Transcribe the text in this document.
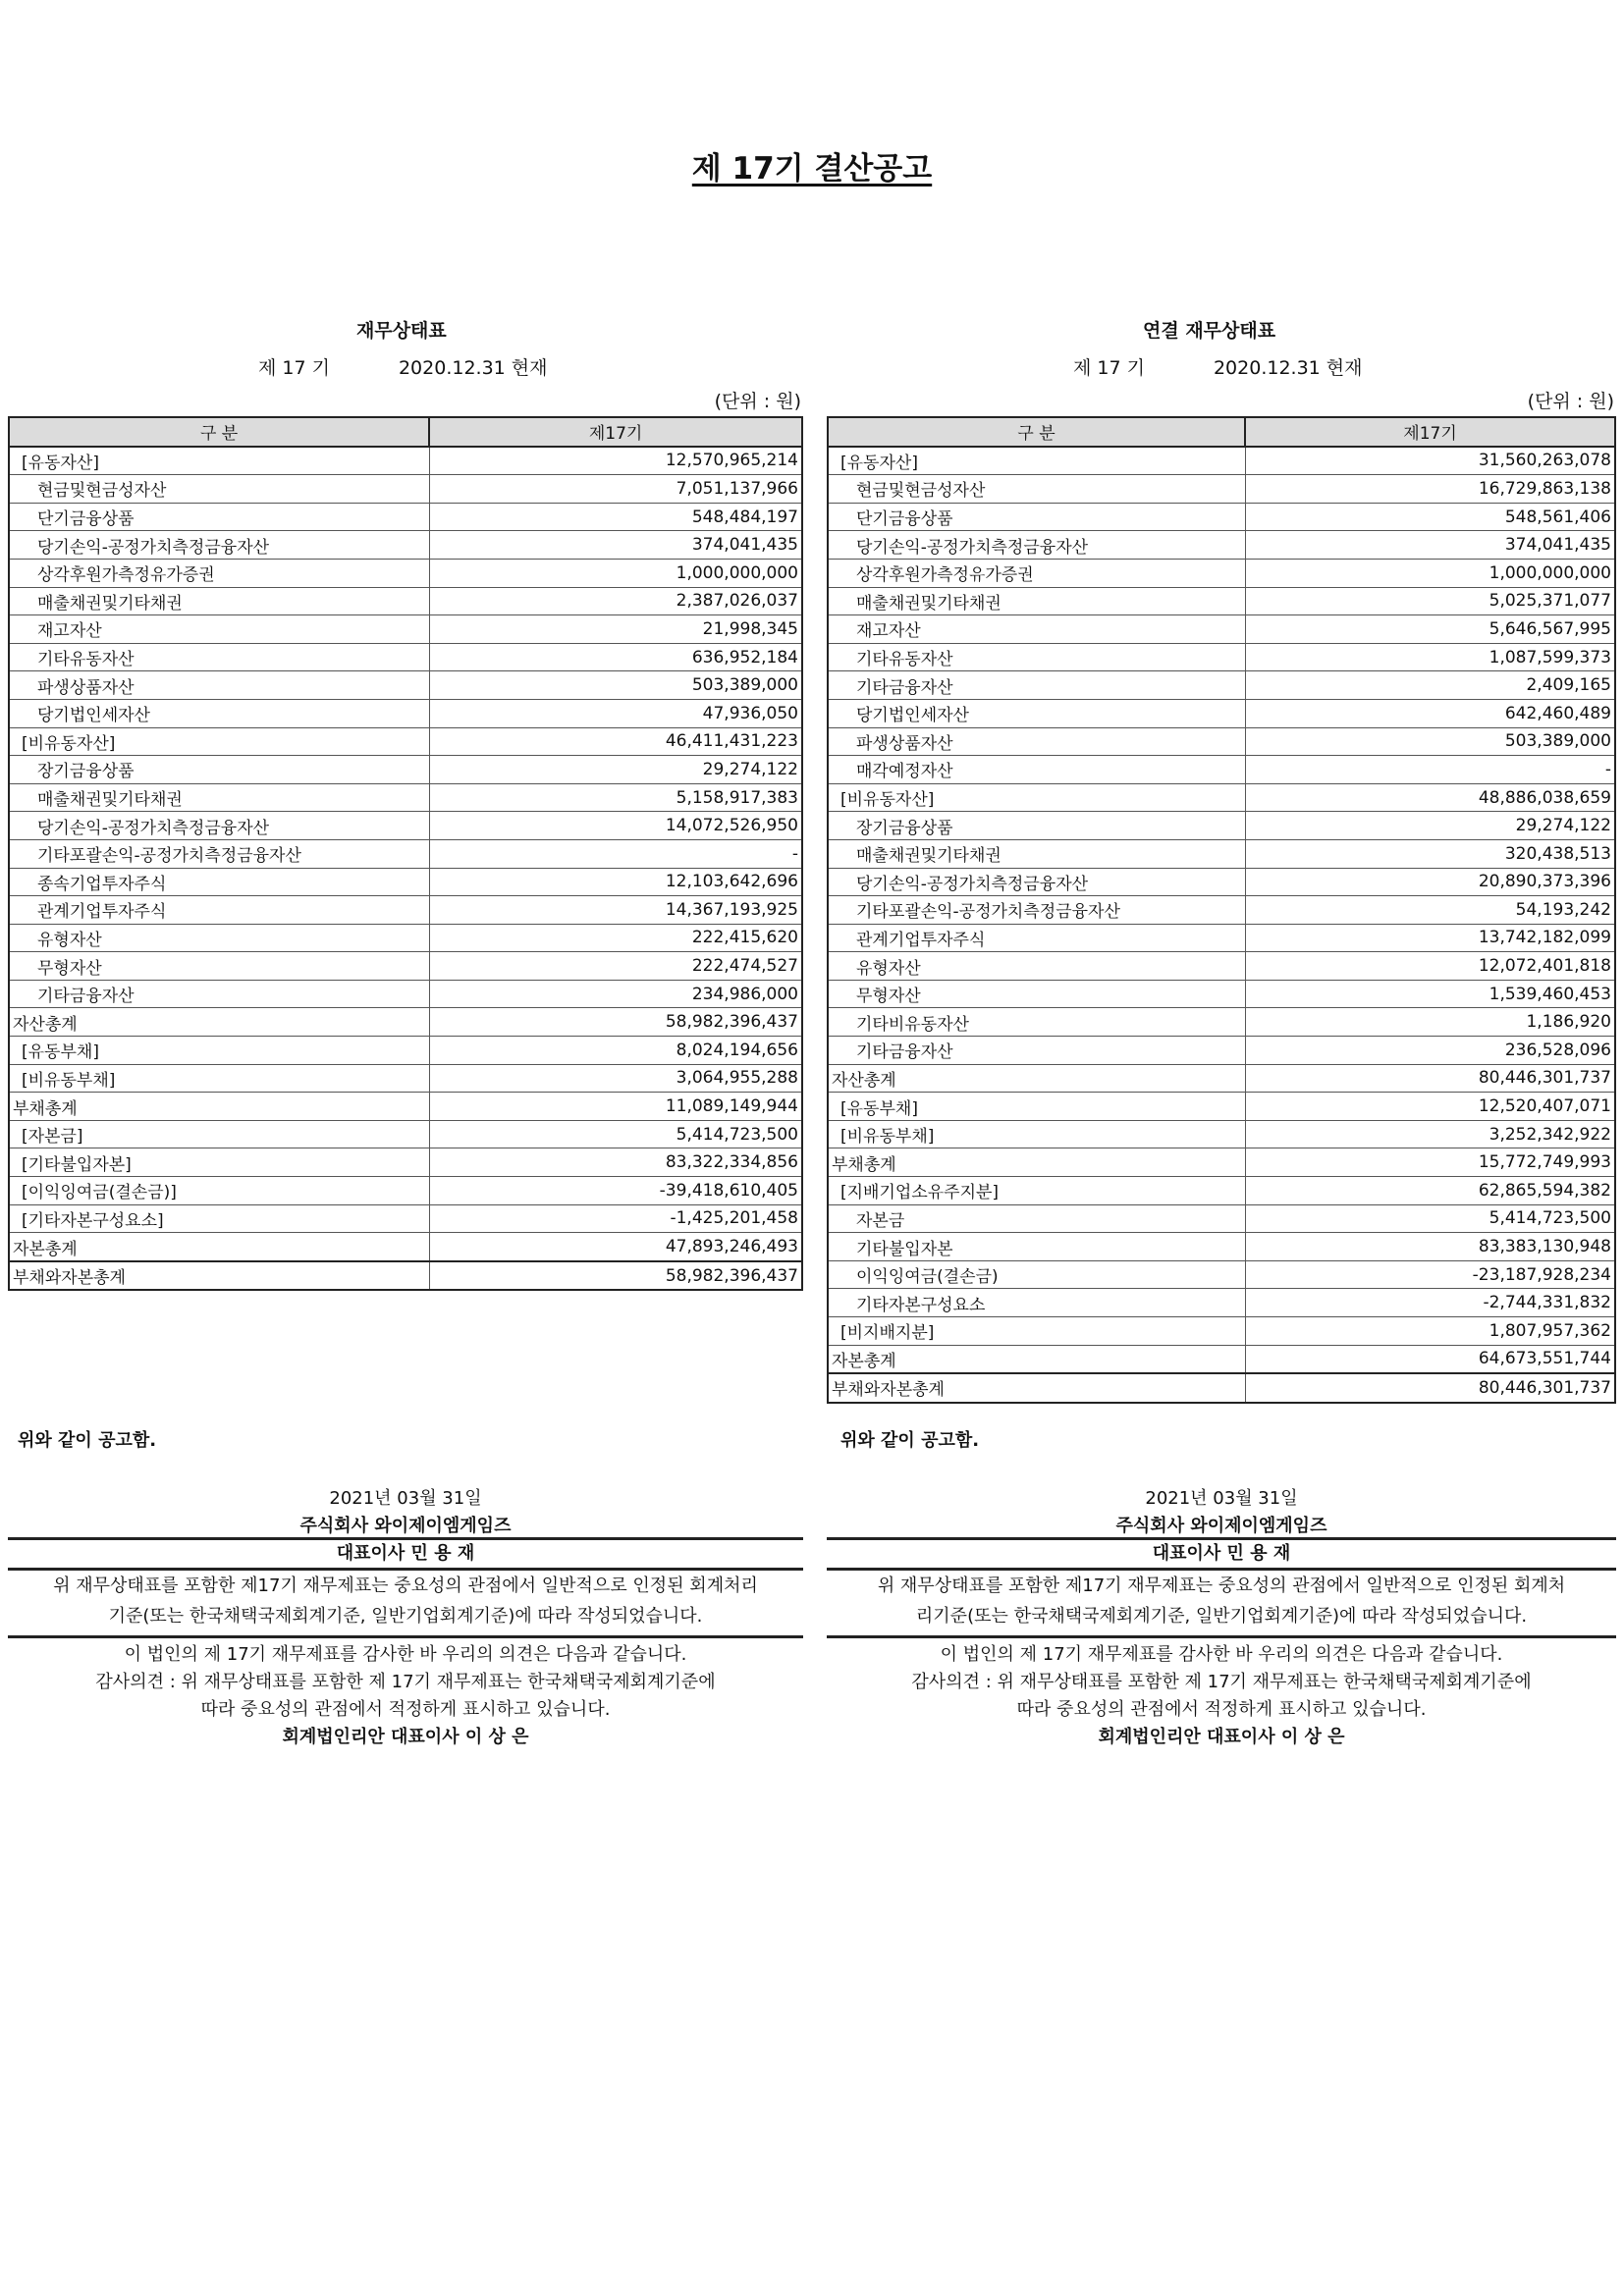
제 17기 결산공고
재무상태표
제 17 기	2020.12.31 현재
(단위 : 원)
구 분	제17기
[유동자산]	12,570,965,214
현금및현금성자산	7,051,137,966
단기금융상품	548,484,197
당기손익-공정가치측정금융자산	374,041,435
상각후원가측정유가증권	1,000,000,000
매출채권및기타채권	2,387,026,037
재고자산	21,998,345
기타유동자산	636,952,184
파생상품자산	503,389,000
당기법인세자산	47,936,050
[비유동자산]	46,411,431,223
장기금융상품	29,274,122
매출채권및기타채권	5,158,917,383
당기손익-공정가치측정금융자산	14,072,526,950
기타포괄손익-공정가치측정금융자산	-
종속기업투자주식	12,103,642,696
관계기업투자주식	14,367,193,925
유형자산	222,415,620
무형자산	222,474,527
기타금융자산	234,986,000
자산총계	58,982,396,437
[유동부채]	8,024,194,656
[비유동부채]	3,064,955,288
부채총계	11,089,149,944
[자본금]	5,414,723,500
[기타불입자본]	83,322,334,856
[이익잉여금(결손금)]	-39,418,610,405
[기타자본구성요소]	-1,425,201,458
자본총계	47,893,246,493
부채와자본총계	58,982,396,437
위와 같이 공고함.
2021년 03월 31일
주식회사 와이제이엠게임즈
대표이사 민 용 재
위 재무상태표를 포함한 제17기 재무제표는 중요성의 관점에서 일반적으로 인정된 회계처리
기준(또는 한국채택국제회계기준, 일반기업회계기준)에 따라 작성되었습니다.
이 법인의 제 17기 재무제표를 감사한 바 우리의 의견은 다음과 같습니다.
감사의견 : 위 재무상태표를 포함한 제 17기 재무제표는 한국채택국제회계기준에
따라 중요성의 관점에서 적정하게 표시하고 있습니다.
회계법인리안 대표이사 이 상 은
연결 재무상태표
제 17 기	2020.12.31 현재
(단위 : 원)
구 분	제17기
[유동자산]	31,560,263,078
현금및현금성자산	16,729,863,138
단기금융상품	548,561,406
당기손익-공정가치측정금융자산	374,041,435
상각후원가측정유가증권	1,000,000,000
매출채권및기타채권	5,025,371,077
재고자산	5,646,567,995
기타유동자산	1,087,599,373
기타금융자산	2,409,165
당기법인세자산	642,460,489
파생상품자산	503,389,000
매각예정자산	-
[비유동자산]	48,886,038,659
장기금융상품	29,274,122
매출채권및기타채권	320,438,513
당기손익-공정가치측정금융자산	20,890,373,396
기타포괄손익-공정가치측정금융자산	54,193,242
관계기업투자주식	13,742,182,099
유형자산	12,072,401,818
무형자산	1,539,460,453
기타비유동자산	1,186,920
기타금융자산	236,528,096
자산총계	80,446,301,737
[유동부채]	12,520,407,071
[비유동부채]	3,252,342,922
부채총계	15,772,749,993
[지배기업소유주지분]	62,865,594,382
자본금	5,414,723,500
기타불입자본	83,383,130,948
이익잉여금(결손금)	-23,187,928,234
기타자본구성요소	-2,744,331,832
[비지배지분]	1,807,957,362
자본총계	64,673,551,744
부채와자본총계	80,446,301,737
위와 같이 공고함.
2021년 03월 31일
주식회사 와이제이엠게임즈
대표이사 민 용 재
위 재무상태표를 포함한 제17기 재무제표는 중요성의 관점에서 일반적으로 인정된 회계처
리기준(또는 한국채택국제회계기준, 일반기업회계기준)에 따라 작성되었습니다.
이 법인의 제 17기 재무제표를 감사한 바 우리의 의견은 다음과 같습니다.
감사의견 : 위 재무상태표를 포함한 제 17기 재무제표는 한국채택국제회계기준에
따라 중요성의 관점에서 적정하게 표시하고 있습니다.
회계법인리안 대표이사 이 상 은
